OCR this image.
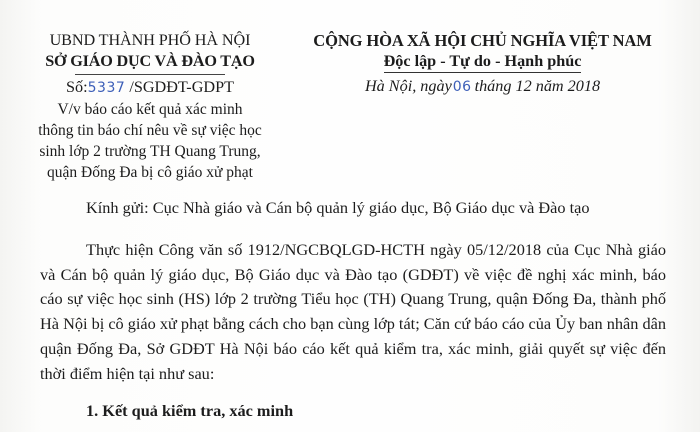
UBND THÀNH PHỐ HÀ NỘI
SỞ GIÁO DỤC VÀ ĐÀO TẠO
Số:5337 /SGDĐT-GDPT
V/v báo cáo kết quả xác minh
thông tin báo chí nêu về sự việc học
sinh lớp 2 trường TH Quang Trung,
quận Đống Đa bị cô giáo xử phạt
CỘNG HÒA XÃ HỘI CHỦ NGHĨA VIỆT NAM
Độc lập - Tự do - Hạnh phúc
Hà Nội, ngày06 tháng 12 năm 2018
Kính gửi: Cục Nhà giáo và Cán bộ quản lý giáo dục, Bộ Giáo dục và Đào tạo
Thực hiện Công văn số 1912/NGCBQLGD-HCTH ngày 05/12/2018 của Cục Nhà giáo và Cán bộ quản lý giáo dục, Bộ Giáo dục và Đào tạo (GDĐT) về việc đề nghị xác minh, báo cáo sự việc học sinh (HS) lớp 2 trường Tiểu học (TH) Quang Trung, quận Đống Đa, thành phố Hà Nội bị cô giáo xử phạt bằng cách cho bạn cùng lớp tát; Căn cứ báo cáo của Ủy ban nhân dân quận Đống Đa, Sở GDĐT Hà Nội báo cáo kết quả kiểm tra, xác minh, giải quyết sự việc đến thời điểm hiện tại như sau:
1. Kết quả kiểm tra, xác minh
